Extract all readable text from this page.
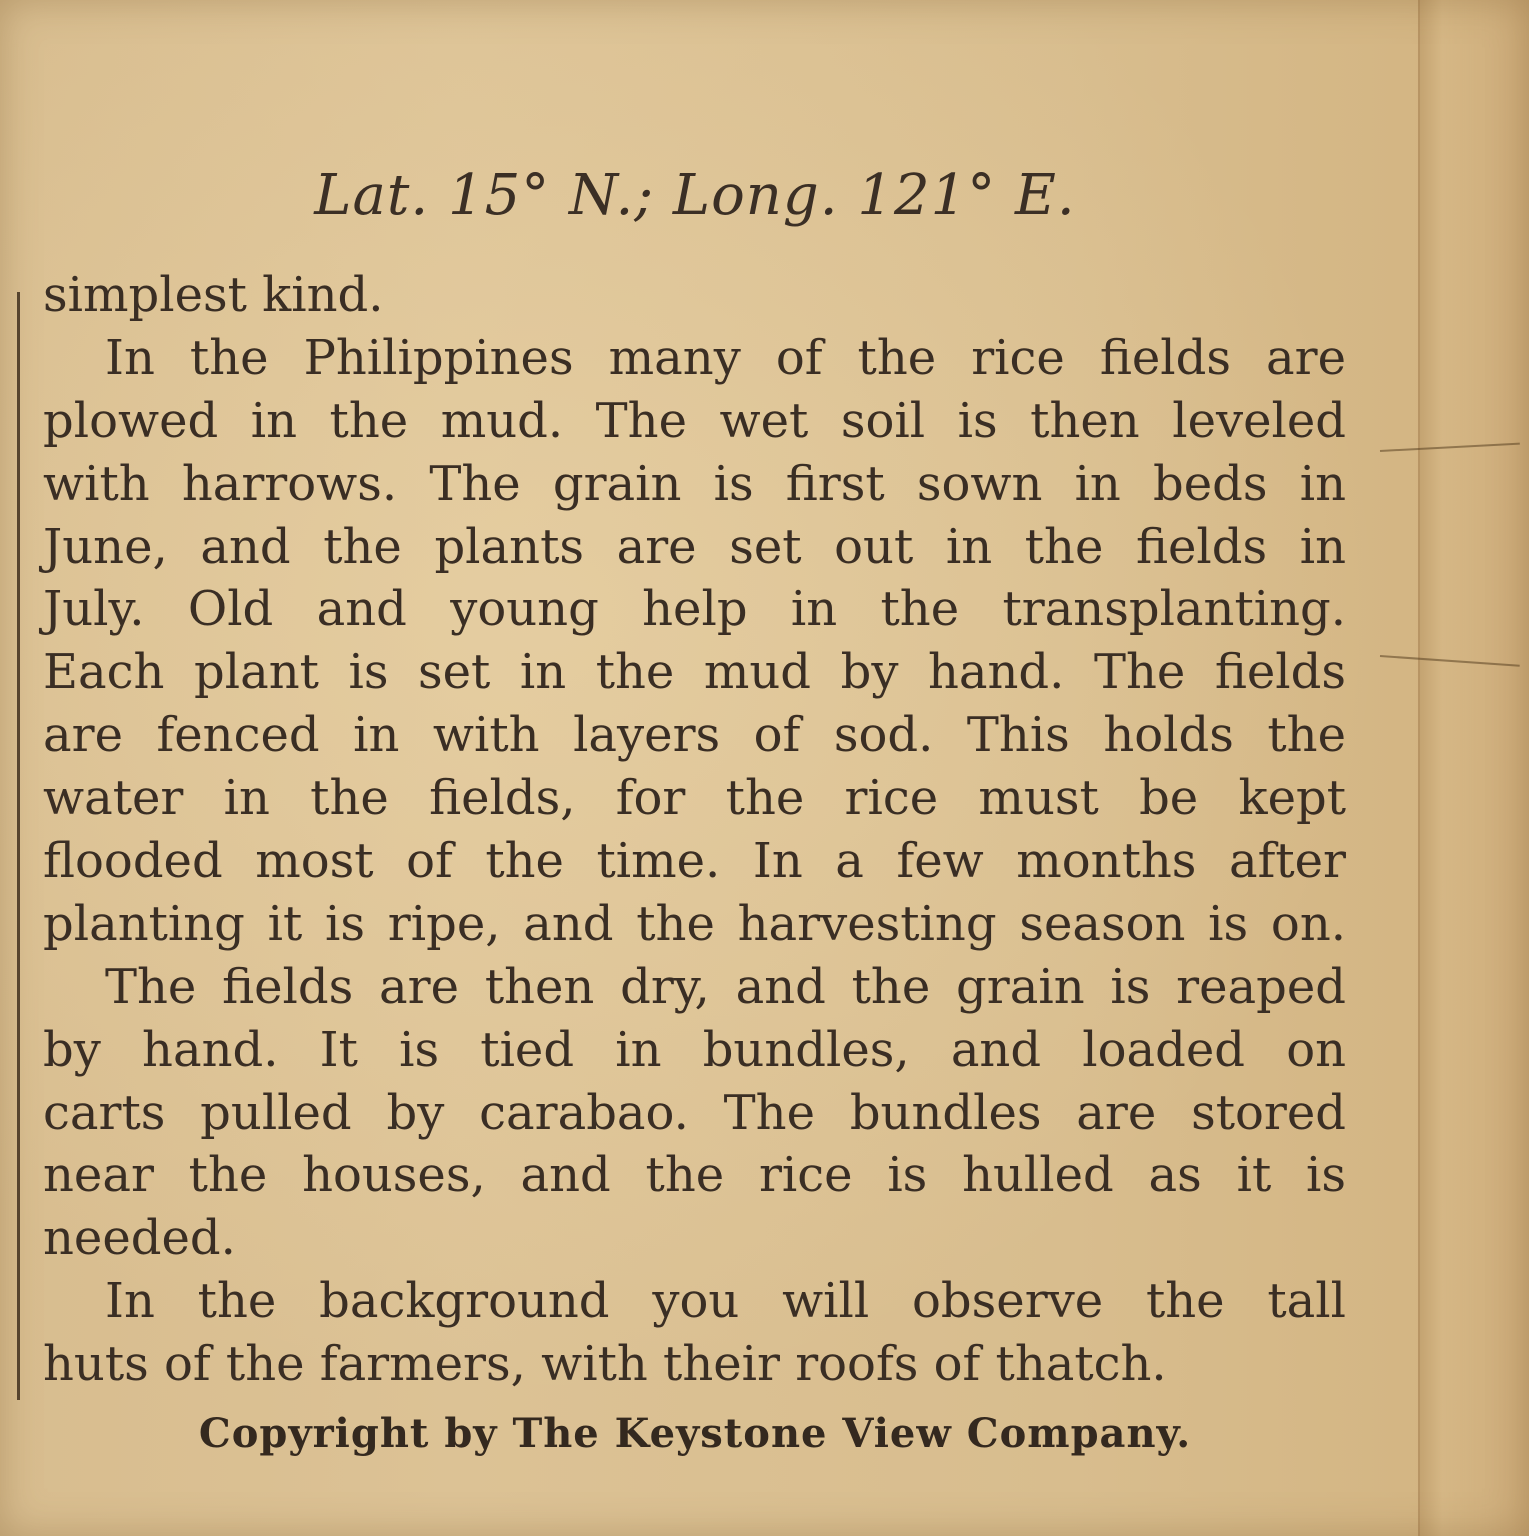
Lat. 15° N.; Long. 121° E.
simplest kind.
In the Philippines many of the rice fields are
plowed in the mud. The wet soil is then leveled
with harrows. The grain is first sown in beds in
June, and the plants are set out in the fields in
July. Old and young help in the transplanting.
Each plant is set in the mud by hand. The fields
are fenced in with layers of sod. This holds the
water in the fields, for the rice must be kept
flooded most of the time. In a few months after
planting it is ripe, and the harvesting season is on.
The fields are then dry, and the grain is reaped
by hand. It is tied in bundles, and loaded on
carts pulled by carabao. The bundles are stored
near the houses, and the rice is hulled as it is
needed.
In the background you will observe the tall
huts of the farmers, with their roofs of thatch.
Copyright by The Keystone View Company.
